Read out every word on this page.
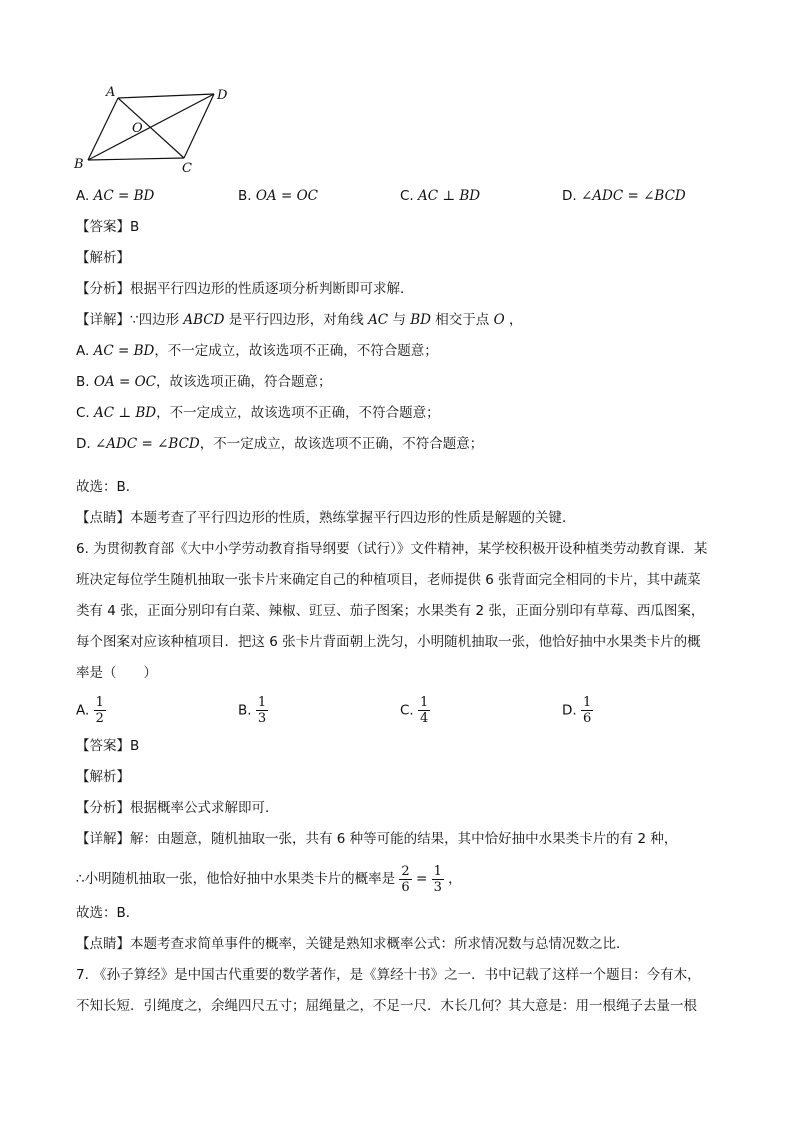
A	D
B	C
O
A. AC = BD	B. OA = OC	C. AC ⊥ BD	D. ∠ADC = ∠BCD
【答案】B
【解析】
【分析】根据平行四边形的性质逐项分析判断即可求解．
【详解】∵四边形 ABCD 是平行四边形，对角线 AC 与 BD 相交于点 O ，
A. AC = BD，不一定成立，故该选项不正确，不符合题意；
B. OA = OC，故该选项正确，符合题意；
C. AC ⊥ BD，不一定成立，故该选项不正确，不符合题意；
D. ∠ADC = ∠BCD，不一定成立，故该选项不正确，不符合题意；
故选：B．
【点睛】本题考查了平行四边形的性质，熟练掌握平行四边形的性质是解题的关键．
6. 为贯彻教育部《大中小学劳动教育指导纲要（试行）》文件精神，某学校积极开设种植类劳动教育课．某
班决定每位学生随机抽取一张卡片来确定自己的种植项目，老师提供 6 张背面完全相同的卡片，其中蔬菜
类有 4 张，正面分别印有白菜、辣椒、豇豆、茄子图案；水果类有 2 张，正面分别印有草莓、西瓜图案，
每个图案对应该种植项目．把这 6 张卡片背面朝上洗匀，小明随机抽取一张，他恰好抽中水果类卡片的概
率是（　　）
A. $\frac{1}{2}$	B. $\frac{1}{3}$	C. $\frac{1}{4}$	D. $\frac{1}{6}$
【答案】B
【解析】
【分析】根据概率公式求解即可．
【详解】解：由题意，随机抽取一张，共有 6 种等可能的结果，其中恰好抽中水果类卡片的有 2 种，
∴小明随机抽取一张，他恰好抽中水果类卡片的概率是 $\frac{2}{6} = \frac{1}{3}$ ，
故选：B．
【点睛】本题考查求简单事件的概率，关键是熟知求概率公式：所求情况数与总情况数之比．
7. 《孙子算经》是中国古代重要的数学著作，是《算经十书》之一．书中记载了这样一个题目：今有木，
不知长短．引绳度之，余绳四尺五寸；屈绳量之，不足一尺．木长几何？其大意是：用一根绳子去量一根
